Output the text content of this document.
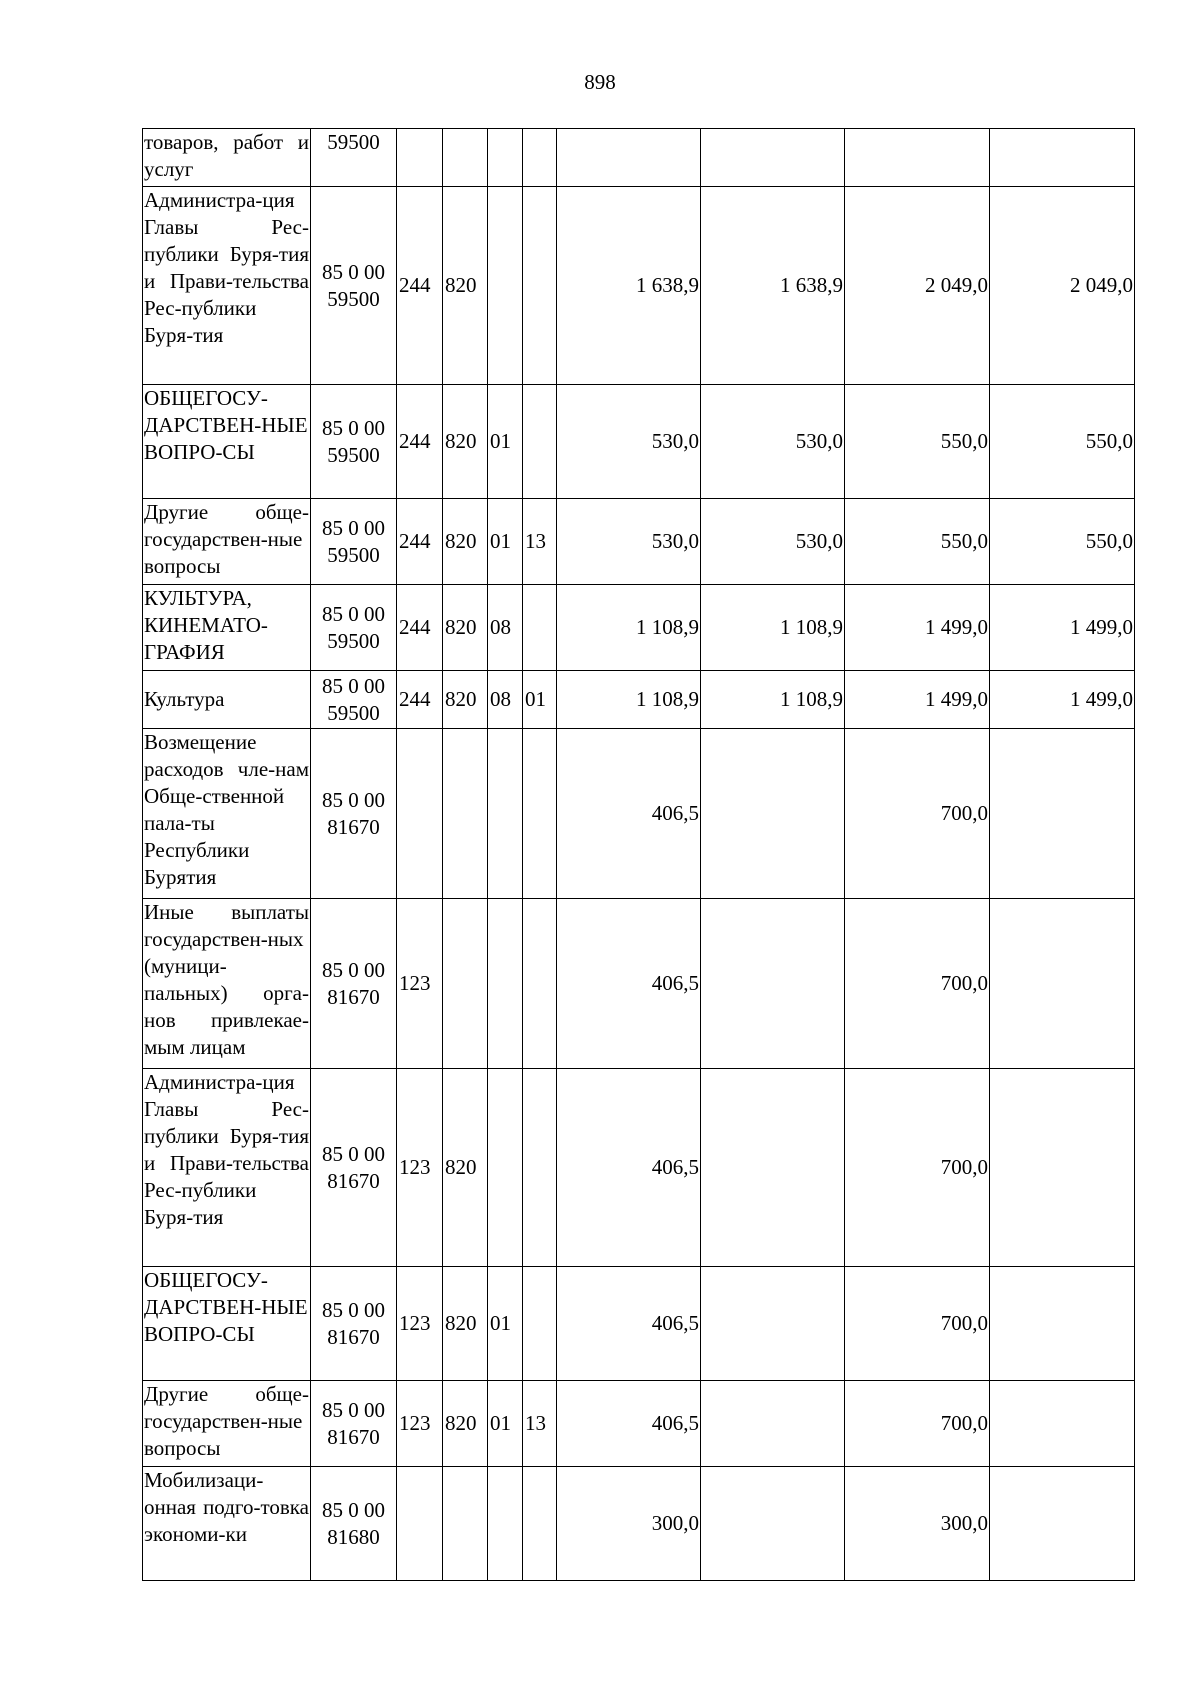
898
товаров, работ и услуг	59500								
Администра-ция Главы Рес-публики Буря-тия и Прави-тельства Рес-публики Буря-тия	85 0 00 59500	244	820			1 638,9	1 638,9	2 049,0	2 049,0
ОБЩЕГОСУ-ДАРСТВЕН-НЫЕ ВОПРО-СЫ	85 0 00 59500	244	820	01		530,0	530,0	550,0	550,0
Другие обще-государствен-ные вопросы	85 0 00 59500	244	820	01	13	530,0	530,0	550,0	550,0
КУЛЬТУРА, КИНЕМАТО-ГРАФИЯ	85 0 00 59500	244	820	08		1 108,9	1 108,9	1 499,0	1 499,0
Культура	85 0 00 59500	244	820	08	01	1 108,9	1 108,9	1 499,0	1 499,0
Возмещение расходов чле-нам Обще-ственной пала-ты Республики Бурятия	85 0 00 81670					406,5		700,0	
Иные выплаты государствен-ных (муници-пальных) орга-нов привлекае-мым лицам	85 0 00 81670	123				406,5		700,0	
Администра-ция Главы Рес-публики Буря-тия и Прави-тельства Рес-публики Буря-тия	85 0 00 81670	123	820			406,5		700,0	
ОБЩЕГОСУ-ДАРСТВЕН-НЫЕ ВОПРО-СЫ	85 0 00 81670	123	820	01		406,5		700,0	
Другие обще-государствен-ные вопросы	85 0 00 81670	123	820	01	13	406,5		700,0	
Мобилизаци-онная подго-товка экономи-ки	85 0 00 81680					300,0		300,0	
